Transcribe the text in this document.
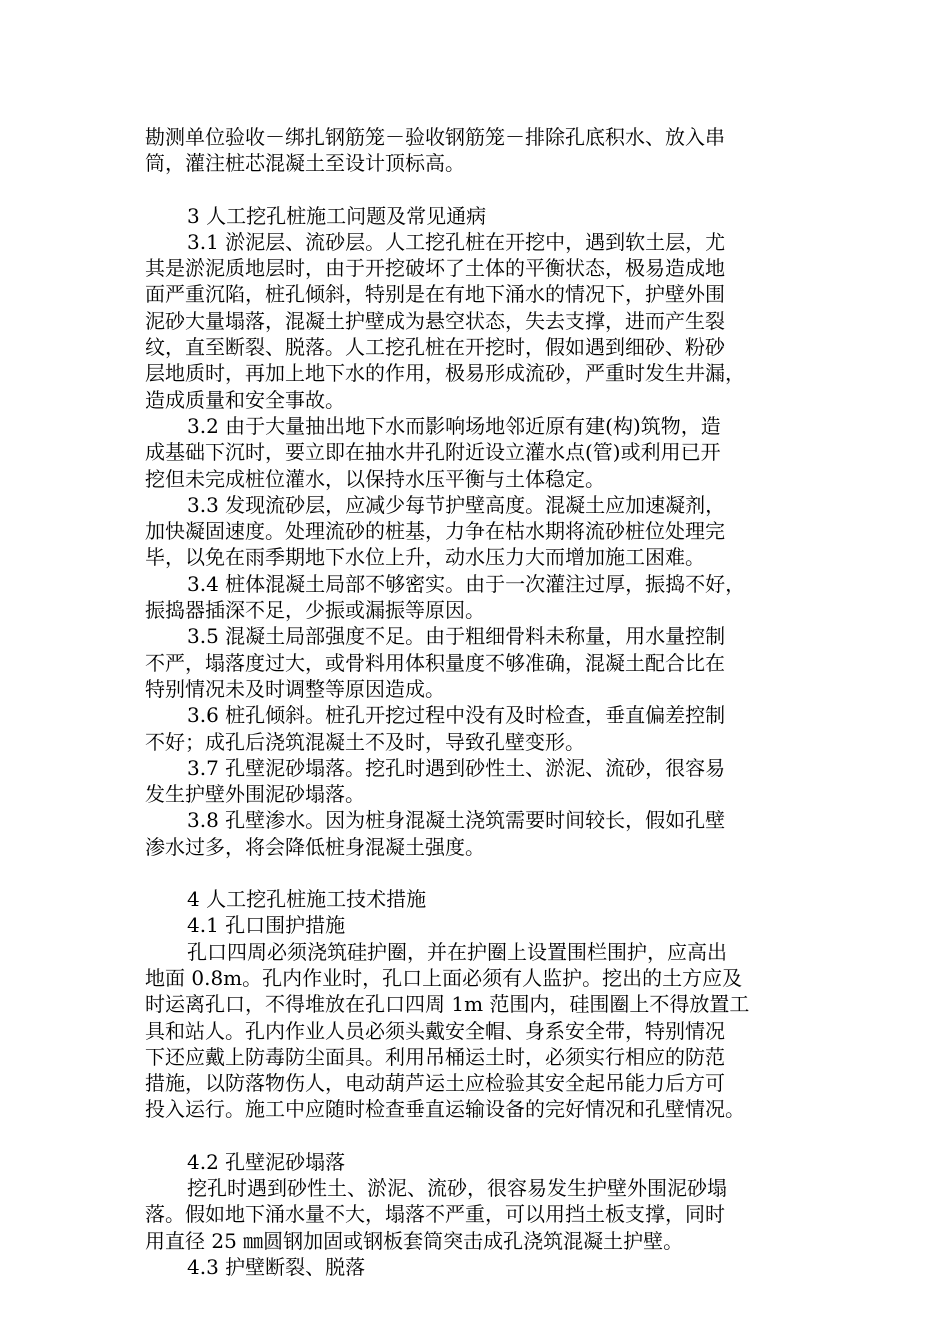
勘测单位验收－绑扎钢筋笼－验收钢筋笼－排除孔底积水、放入串
筒，灌注桩芯混凝土至设计顶标高。
3 人工挖孔桩施工问题及常见通病
3.1 淤泥层、流砂层。人工挖孔桩在开挖中，遇到软土层，尤
其是淤泥质地层时，由于开挖破坏了土体的平衡状态，极易造成地
面严重沉陷，桩孔倾斜，特别是在有地下涌水的情况下，护壁外围
泥砂大量塌落，混凝土护壁成为悬空状态，失去支撑，进而产生裂
纹，直至断裂、脱落。人工挖孔桩在开挖时，假如遇到细砂、粉砂
层地质时，再加上地下水的作用，极易形成流砂，严重时发生井漏，
造成质量和安全事故。
3.2 由于大量抽出地下水而影响场地邻近原有建(构)筑物，造
成基础下沉时，要立即在抽水井孔附近设立灌水点(管)或利用已开
挖但未完成桩位灌水，以保持水压平衡与土体稳定。
3.3 发现流砂层，应减少每节护壁高度。混凝土应加速凝剂，
加快凝固速度。处理流砂的桩基，力争在枯水期将流砂桩位处理完
毕，以免在雨季期地下水位上升，动水压力大而增加施工困难。
3.4 桩体混凝土局部不够密实。由于一次灌注过厚，振捣不好，
振捣器插深不足，少振或漏振等原因。
3.5 混凝土局部强度不足。由于粗细骨料未称量，用水量控制
不严，塌落度过大，或骨料用体积量度不够准确，混凝土配合比在
特别情况未及时调整等原因造成。
3.6 桩孔倾斜。桩孔开挖过程中没有及时检查，垂直偏差控制
不好；成孔后浇筑混凝土不及时，导致孔壁变形。
3.7 孔壁泥砂塌落。挖孔时遇到砂性土、淤泥、流砂，很容易
发生护壁外围泥砂塌落。
3.8 孔壁渗水。因为桩身混凝土浇筑需要时间较长，假如孔壁
渗水过多，将会降低桩身混凝土强度。
4 人工挖孔桩施工技术措施
4.1 孔口围护措施
孔口四周必须浇筑硅护圈，并在护圈上设置围栏围护，应高出
地面 0.8m。孔内作业时，孔口上面必须有人监护。挖出的土方应及
时运离孔口，不得堆放在孔口四周 1m 范围内，硅围圈上不得放置工
具和站人。孔内作业人员必须头戴安全帽、身系安全带，特别情况
下还应戴上防毒防尘面具。利用吊桶运土时，必须实行相应的防范
措施，以防落物伤人，电动葫芦运土应检验其安全起吊能力后方可
投入运行。施工中应随时检查垂直运输设备的完好情况和孔壁情况。
4.2 孔壁泥砂塌落
挖孔时遇到砂性土、淤泥、流砂，很容易发生护壁外围泥砂塌
落。假如地下涌水量不大，塌落不严重，可以用挡土板支撑，同时
用直径 25 ㎜圆钢加固或钢板套筒突击成孔浇筑混凝土护壁。
4.3 护壁断裂、脱落
